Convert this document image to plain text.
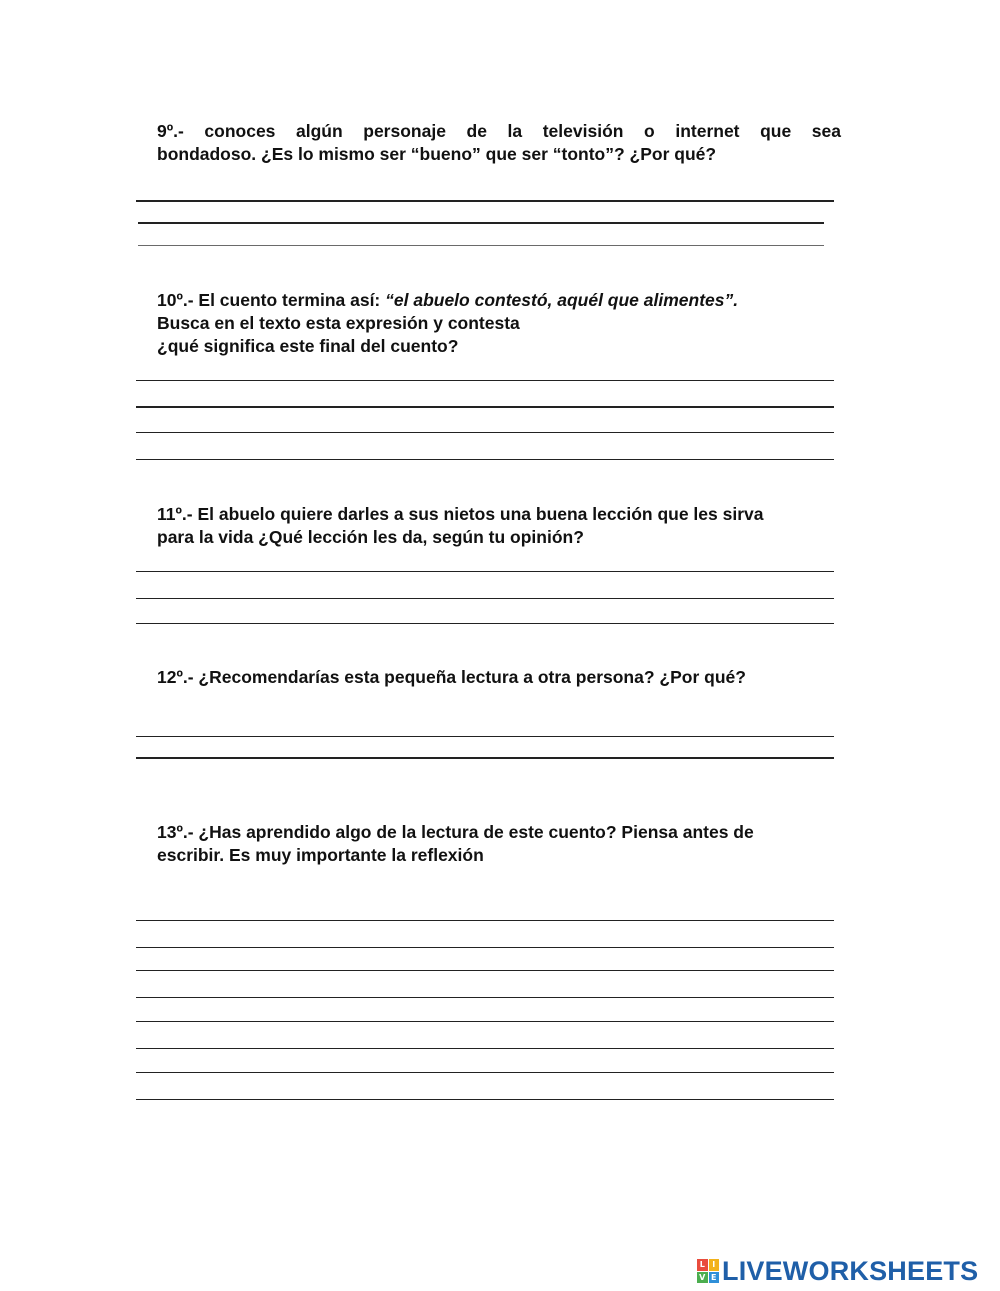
9º.- conoces algún personaje de la televisión o internet que sea
bondadoso. ¿Es lo mismo ser “bueno” que ser “tonto”? ¿Por qué?

10º.- El cuento termina así: “el abuelo contestó, aquél que alimentes”.
Busca en el texto esta expresión y contesta
¿qué significa este final del cuento?

11º.- El abuelo quiere darles a sus nietos una buena lección que les sirva
para la vida ¿Qué lección les da, según tu opinión?

12º.- ¿Recomendarías esta pequeña lectura a otra persona? ¿Por qué?

13º.- ¿Has aprendido algo de la lectura de este cuento? Piensa antes de
escribir. Es muy importante la reflexión

L I
V E LIVEWORKSHEETS
